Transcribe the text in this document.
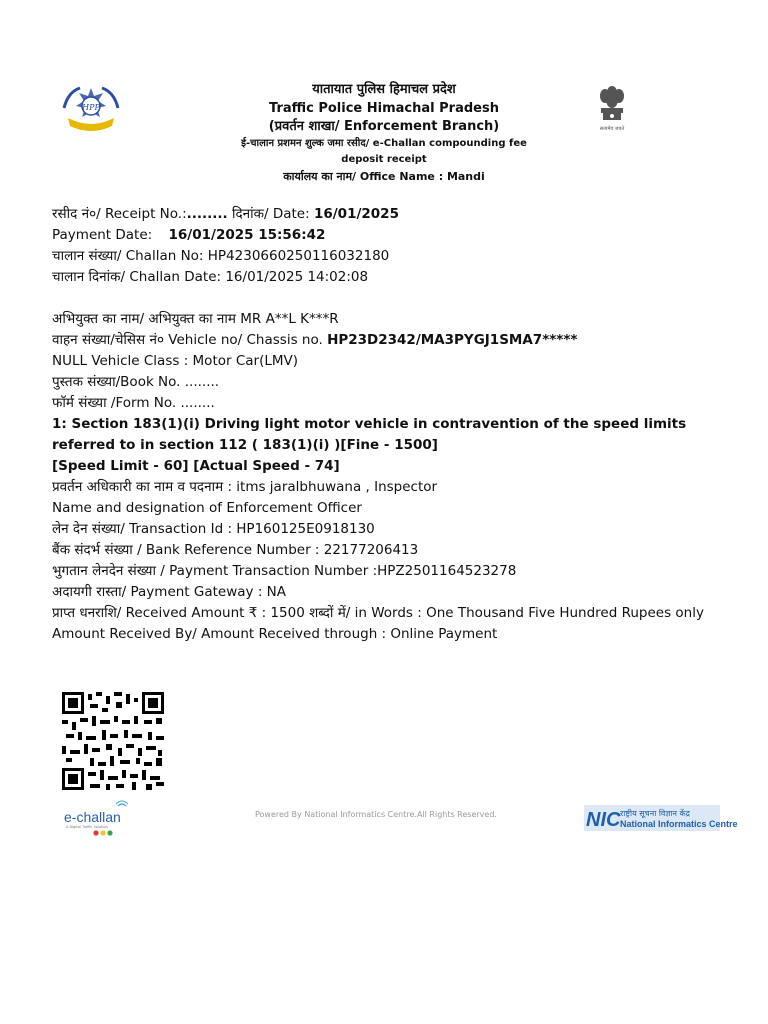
HPP
सत्यमेव जयते
यातायात पुलिस हिमाचल प्रदेश
Traffic Police Himachal Pradesh
(प्रवर्तन शाखा/ Enforcement Branch)
ई-चालान प्रशमन शुल्क जमा रसीद/ e-Challan compounding fee
deposit receipt
कार्यालय का नाम/ Office Name : Mandi
रसीद नं०/ Receipt No.:........ दिनांक/ Date: 16/01/2025
Payment Date: 16/01/2025 15:56:42
चालान संख्या/ Challan No: HP4230660250116032180
चालान दिनांक/ Challan Date: 16/01/2025 14:02:08
अभियुक्त का नाम/ अभियुक्त का नाम MR A**L K***R
वाहन संख्या/चेसिस नं० Vehicle no/ Chassis no. HP23D2342/MA3PYGJ1SMA7*****
NULL Vehicle Class : Motor Car(LMV)
पुस्तक संख्या/Book No. ........
फॉर्म संख्या /Form No. ........
1: Section 183(1)(i) Driving light motor vehicle in contravention of the speed limits referred to in section 112 ( 183(1)(i) )[Fine - 1500]
[Speed Limit - 60] [Actual Speed - 74]
प्रवर्तन अधिकारी का नाम व पदनाम : itms jaralbhuwana , Inspector
Name and designation of Enforcement Officer
लेन देन संख्या/ Transaction Id : HP160125E0918130
बैंक संदर्भ संख्या / Bank Reference Number : 22177206413
भुगतान लेनदेन संख्या / Payment Transaction Number :HPZ2501164523278
अदायगी रास्ता/ Payment Gateway : NA
प्राप्त धनराशि/ Received Amount ₹ : 1500 शब्दों में/ in Words : One Thousand Five Hundred Rupees only
Amount Received By/ Amount Received through : Online Payment
e-challan
A Digital Traffic Solution
Powered By National Informatics Centre.All Rights Reserved.	NIC राष्ट्रीय सूचना विज्ञान केंद्र
National Informatics Centre
